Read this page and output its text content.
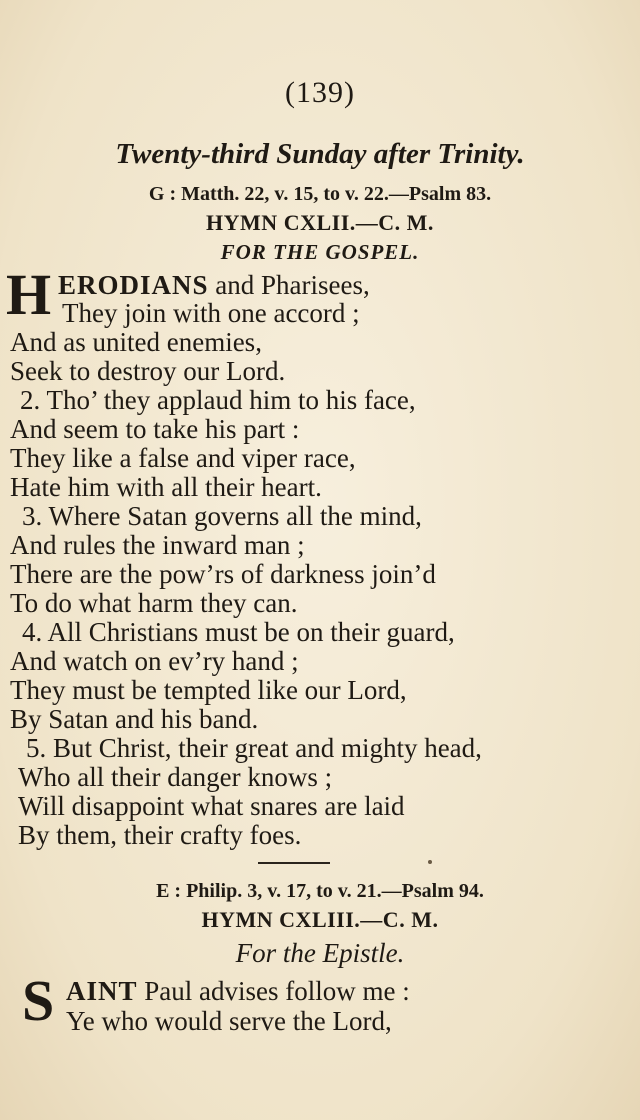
(139)
Twenty-third Sunday after Trinity.
G : Matth. 22, v. 15, to v. 22.—Psalm 83.
HYMN CXLII.—C. M.
FOR THE GOSPEL.
H ERODIANS and Pharisees,
They join with one accord ;
And as united enemies,
Seek to destroy our Lord.
2. Tho’ they applaud him to his face,
And seem to take his part :
They like a false and viper race,
Hate him with all their heart.
3. Where Satan governs all the mind,
And rules the inward man ;
There are the pow’rs of darkness join’d
To do what harm they can.
4. All Christians must be on their guard,
And watch on ev’ry hand ;
They must be tempted like our Lord,
By Satan and his band.
5. But Christ, their great and mighty head,
Who all their danger knows ;
Will disappoint what snares are laid
By them, their crafty foes.
E : Philip. 3, v. 17, to v. 21.—Psalm 94.
HYMN CXLIII.—C. M.
For the Epistle.
S AINT Paul advises follow me :
Ye who would serve the Lord,
